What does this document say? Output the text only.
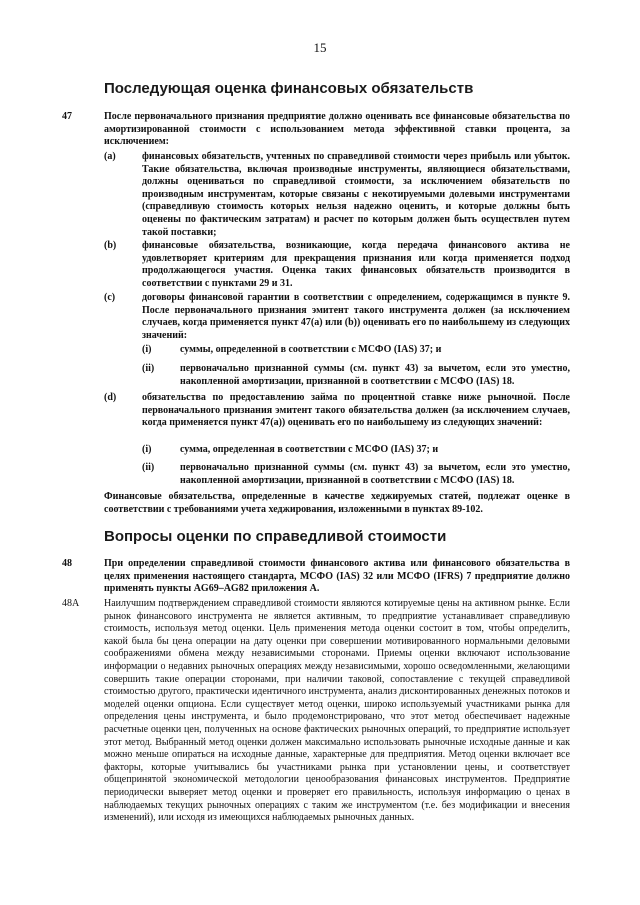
15
Последующая оценка финансовых обязательств
47	После первоначального признания предприятие должно оценивать все финансовые обязательства по амортизированной стоимости с использованием метода эффективной ставки процента, за исключением:
(a)	финансовых обязательств, учтенных по справедливой стоимости через прибыль или убыток. Такие обязательства, включая производные инструменты, являющиеся обязательствами, должны оцениваться по справедливой стоимости, за исключением обязательств по производным инструментам, которые связаны с некотируемыми долевыми инструментами (справедливую стоимость которых нельзя надежно оценить, и которые должны быть оценены по фактическим затратам) и расчет по которым должен быть осуществлен путем такой поставки;
(b)	финансовые обязательства, возникающие, когда передача финансового актива не удовлетворяет критериям для прекращения признания или когда применяется подход продолжающегося участия. Оценка таких финансовых обязательств производится в соответствии с пунктами 29 и 31.
(c)	договоры финансовой гарантии в соответствии с определением, содержащимся в пункте 9. После первоначального признания эмитент такого инструмента должен (за исключением случаев, когда применяется пункт 47(a) или (b)) оценивать его по наибольшему из следующих значений:
(i)	суммы, определенной в соответствии с МСФО (IAS) 37; и
(ii)	первоначально признанной суммы (см. пункт 43) за вычетом, если это уместно, накопленной амортизации, признанной в соответствии с МСФО (IAS) 18.
(d)	обязательства по предоставлению займа по процентной ставке ниже рыночной. После первоначального признания эмитент такого обязательства должен (за исключением случаев, когда применяется пункт 47(a)) оценивать его по наибольшему из следующих значений:
(i)	сумма, определенная в соответствии с МСФО (IAS) 37; и
(ii)	первоначально признанной суммы (см. пункт 43) за вычетом, если это уместно, накопленной амортизации, признанной в соответствии с МСФО (IAS) 18.
Финансовые обязательства, определенные в качестве хеджируемых статей, подлежат оценке в соответствии с требованиями учета хеджирования, изложенными в пунктах 89-102.
Вопросы оценки по справедливой стоимости
48	При определении справедливой стоимости финансового актива или финансового обязательства в целях применения настоящего стандарта, МСФО (IAS) 32 или МСФО (IFRS) 7 предприятие должно применять пункты AG69–AG82 приложения А.
48A Наилучшим подтверждением справедливой стоимости являются котируемые цены на активном рынке. Если рынок финансового инструмента не является активным, то предприятие устанавливает справедливую стоимость, используя метод оценки. Цель применения метода оценки состоит в том, чтобы определить, какой была бы цена операции на дату оценки при совершении мотивированного нормальными деловыми соображениями обмена между независимыми сторонами. Приемы оценки включают использование информации о недавних рыночных операциях между независимыми, хорошо осведомленными, желающими совершить такие операции сторонами, при наличии таковой, сопоставление с текущей справедливой стоимостью другого, практически идентичного инструмента, анализ дисконтированных денежных потоков и моделей оценки опциона. Если существует метод оценки, широко используемый участниками рынка для определения цены инструмента, и было продемонстрировано, что этот метод обеспечивает надежные расчетные оценки цен, полученных на основе фактических рыночных операций, то предприятие использует этот метод. Выбранный метод оценки должен максимально использовать рыночные исходные данные и как можно меньше опираться на исходные данные, характерные для предприятия. Метод оценки включает все факторы, которые учитывались бы участниками рынка при установлении цены, и соответствует общепринятой экономической методологии ценообразования финансовых инструментов. Предприятие периодически выверяет метод оценки и проверяет его правильность, используя информацию о ценах в наблюдаемых текущих рыночных операциях с таким же инструментом (т.е. без модификации и внесения изменений), или исходя из имеющихся наблюдаемых рыночных данных.
